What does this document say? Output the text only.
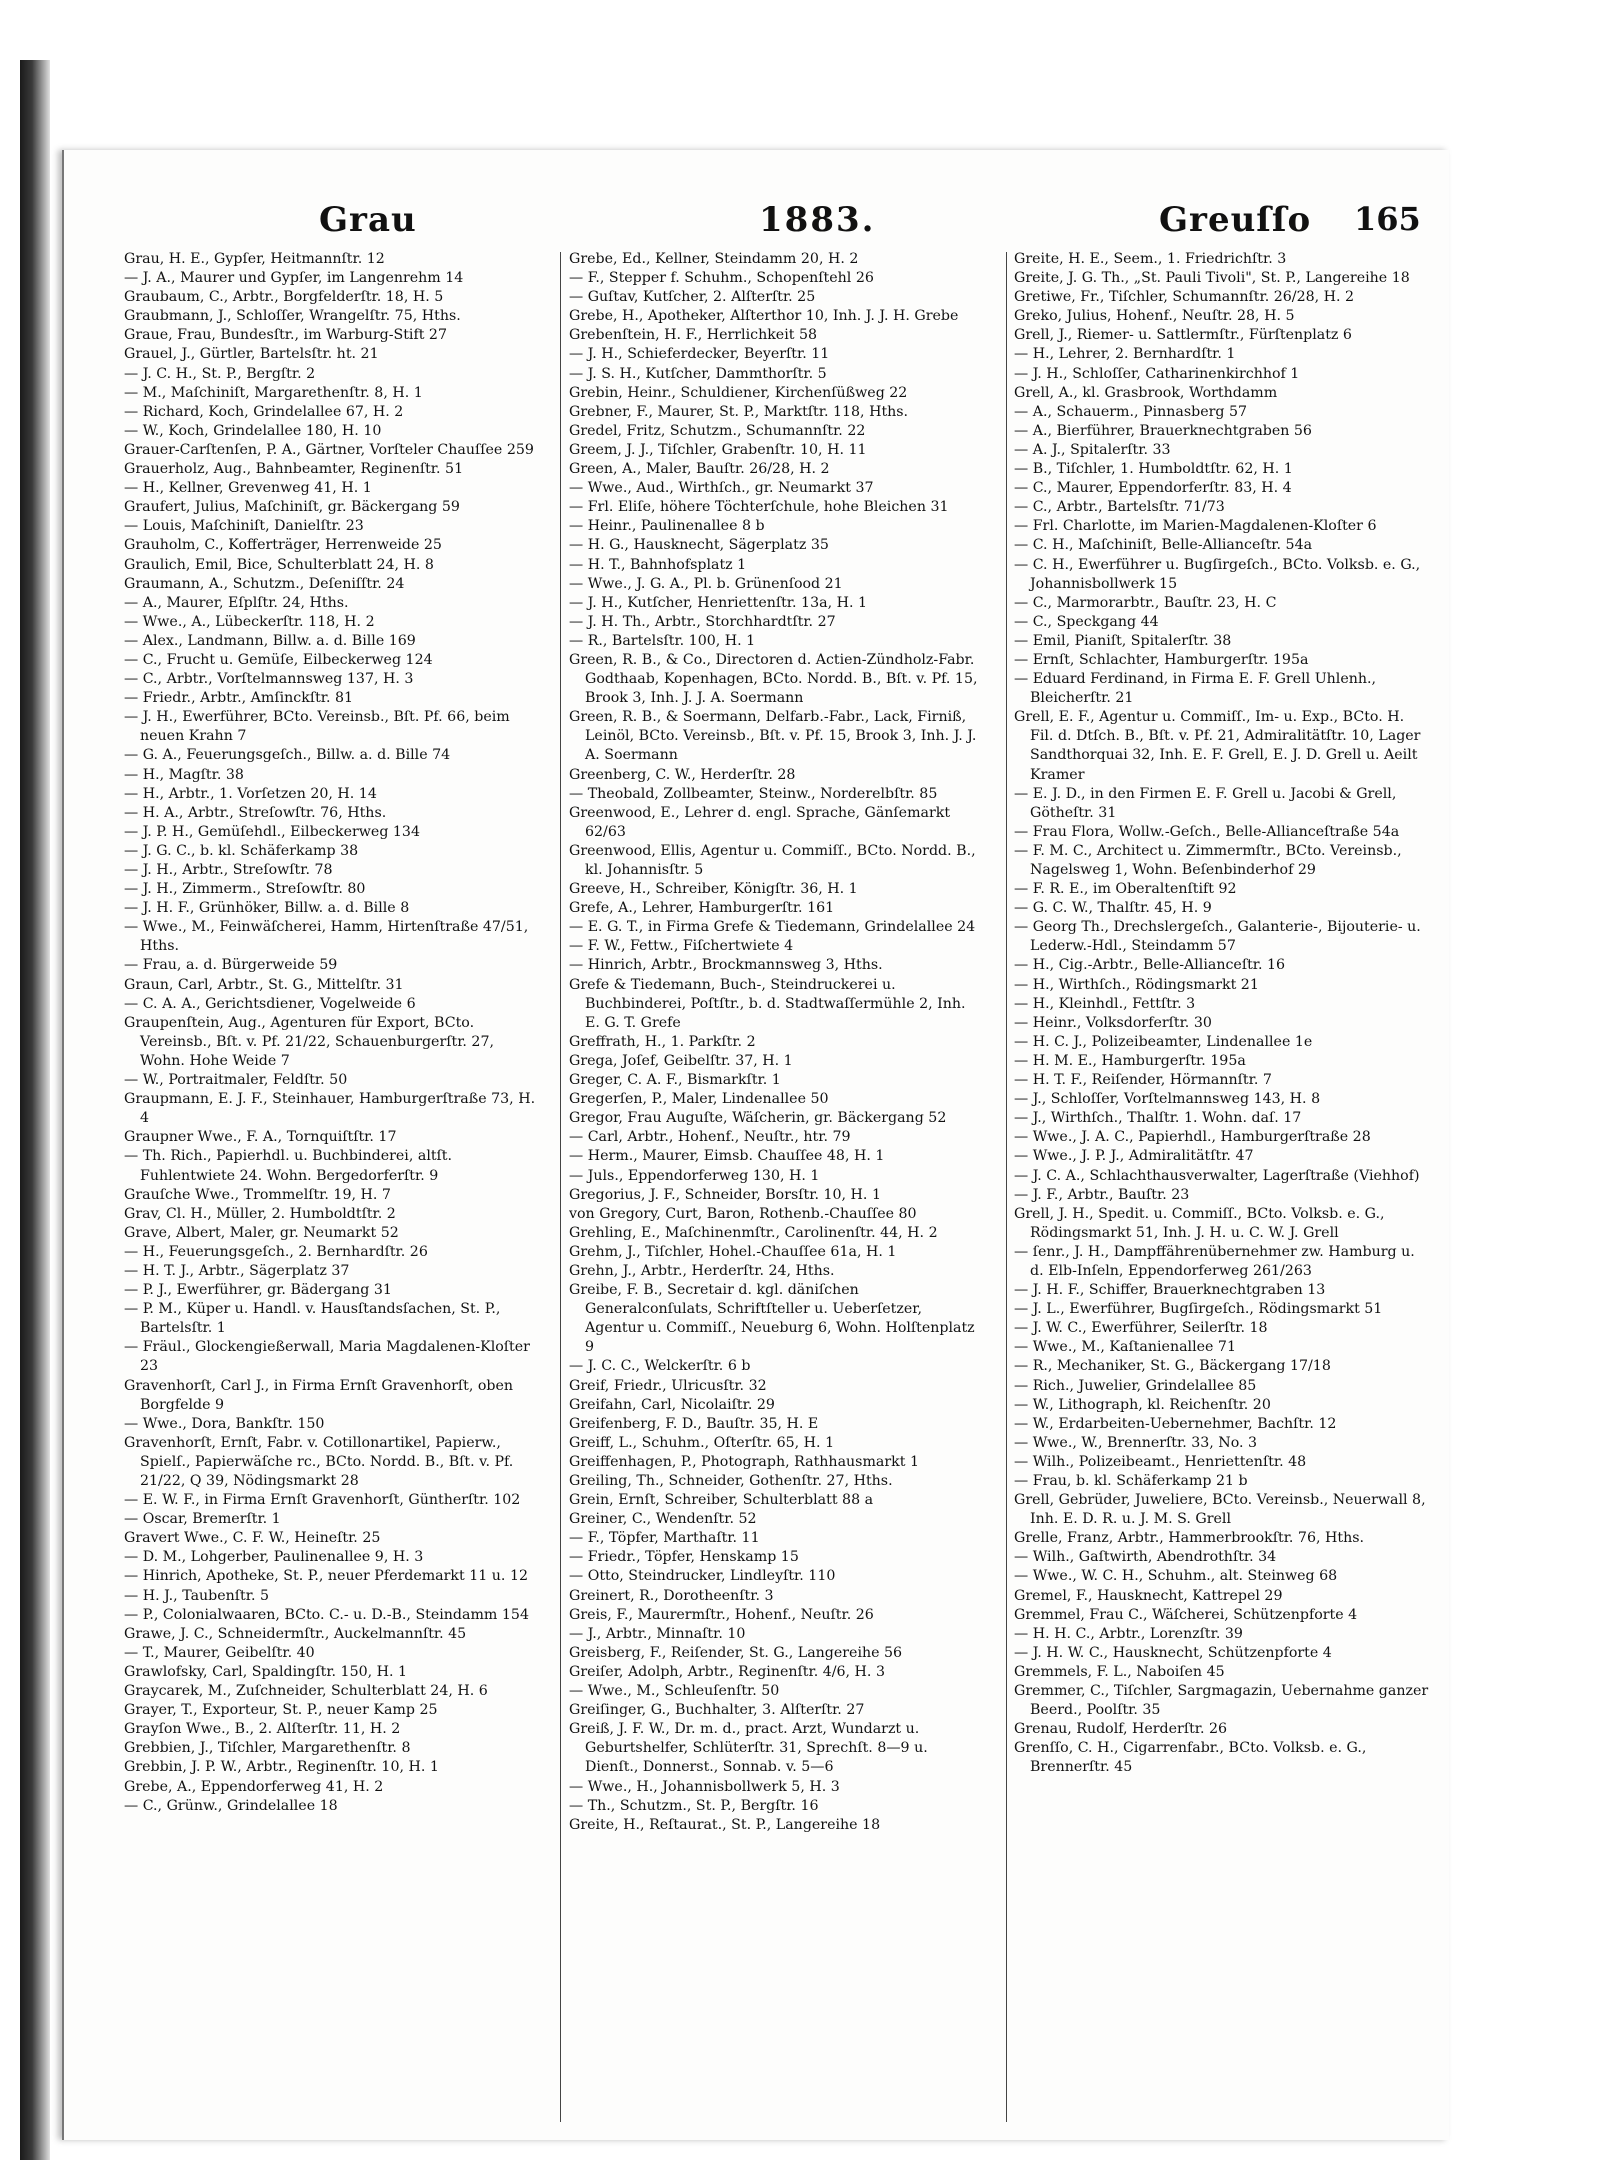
Grau	1883.	Greuſſo 165
Grau, H. E., Gypſer, Heitmannſtr. 12
— J. A., Maurer und Gypſer, im Langenrehm 14
Graubaum, C., Arbtr., Borgfelderſtr. 18, H. 5
Graubmann, J., Schloſſer, Wrangelſtr. 75, Hths.
Graue, Frau, Bundesſtr., im Warburg-Stift 27
Grauel, J., Gürtler, Bartelsſtr. ht. 21
— J. C. H., St. P., Bergſtr. 2
— M., Maſchiniſt, Margarethenſtr. 8, H. 1
— Richard, Koch, Grindelallee 67, H. 2
— W., Koch, Grindelallee 180, H. 10
Grauer-Carſtenſen, P. A., Gärtner, Vorſteler Chauſſee 259
Grauerholz, Aug., Bahnbeamter, Reginenſtr. 51
— H., Kellner, Grevenweg 41, H. 1
Graufert, Julius, Maſchiniſt, gr. Bäckergang 59
— Louis, Maſchiniſt, Danielſtr. 23
Grauholm, C., Kofferträger, Herrenweide 25
Graulich, Emil, Bice, Schulterblatt 24, H. 8
Graumann, A., Schutzm., Deſeniſſtr. 24
— A., Maurer, Eſplſtr. 24, Hths.
— Wwe., A., Lübeckerſtr. 118, H. 2
— Alex., Landmann, Billw. a. d. Bille 169
— C., Frucht u. Gemüſe, Eilbeckerweg 124
— C., Arbtr., Vorſtelmannsweg 137, H. 3
— Friedr., Arbtr., Amſinckſtr. 81
— J. H., Ewerführer, BCto. Vereinsb., Bſt. Pf. 66, beim neuen Krahn 7
— G. A., Feuerungsgeſch., Billw. a. d. Bille 74
— H., Magſtr. 38
— H., Arbtr., 1. Vorſetzen 20, H. 14
— H. A., Arbtr., Streſowſtr. 76, Hths.
— J. P. H., Gemüſehdl., Eilbeckerweg 134
— J. G. C., b. kl. Schäferkamp 38
— J. H., Arbtr., Streſowſtr. 78
— J. H., Zimmerm., Streſowſtr. 80
— J. H. F., Grünhöker, Billw. a. d. Bille 8
— Wwe., M., Feinwäſcherei, Hamm, Hirtenſtraße 47/51, Hths.
— Frau, a. d. Bürgerweide 59
Graun, Carl, Arbtr., St. G., Mittelſtr. 31
— C. A. A., Gerichtsdiener, Vogelweide 6
Graupenſtein, Aug., Agenturen für Export, BCto. Vereinsb., Bſt. v. Pf. 21/22, Schauenburgerſtr. 27, Wohn. Hohe Weide 7
— W., Portraitmaler, Feldſtr. 50
Graupmann, E. J. F., Steinhauer, Hamburgerſtraße 73, H. 4
Graupner Wwe., F. A., Tornquiſtſtr. 17
— Th. Rich., Papierhdl. u. Buchbinderei, altſt. Fuhlentwiete 24. Wohn. Bergedorferſtr. 9
Grauſche Wwe., Trommelſtr. 19, H. 7
Grav, Cl. H., Müller, 2. Humboldtſtr. 2
Grave, Albert, Maler, gr. Neumarkt 52
— H., Feuerungsgeſch., 2. Bernhardſtr. 26
— H. T. J., Arbtr., Sägerplatz 37
— P. J., Ewerführer, gr. Bädergang 31
— P. M., Küper u. Handl. v. Hausſtandsſachen, St. P., Bartelsſtr. 1
— Fräul., Glockengießerwall, Maria Magdalenen-Kloſter 23
Gravenhorſt, Carl J., in Firma Ernſt Gravenhorſt, oben Borgfelde 9
— Wwe., Dora, Bankſtr. 150
Gravenhorſt, Ernſt, Fabr. v. Cotillonartikel, Papierw., Spielſ., Papierwäſche rc., BCto. Nordd. B., Bſt. v. Pf. 21/22, Q 39, Nödingsmarkt 28
— E. W. F., in Firma Ernſt Gravenhorſt, Güntherſtr. 102
— Oscar, Bremerſtr. 1
Gravert Wwe., C. F. W., Heineſtr. 25
— D. M., Lohgerber, Paulinenallee 9, H. 3
— Hinrich, Apotheke, St. P., neuer Pferdemarkt 11 u. 12
— H. J., Taubenſtr. 5
— P., Colonialwaaren, BCto. C.- u. D.-B., Steindamm 154
Grawe, J. C., Schneidermſtr., Auckelmannſtr. 45
— T., Maurer, Geibelſtr. 40
Grawlofsky, Carl, Spaldingſtr. 150, H. 1
Graycarek, M., Zuſchneider, Schulterblatt 24, H. 6
Grayer, T., Exporteur, St. P., neuer Kamp 25
Grayſon Wwe., B., 2. Alſterſtr. 11, H. 2
Grebbien, J., Tiſchler, Margarethenſtr. 8
Grebbin, J. P. W., Arbtr., Reginenſtr. 10, H. 1
Grebe, A., Eppendorferweg 41, H. 2
— C., Grünw., Grindelallee 18
Grebe, Ed., Kellner, Steindamm 20, H. 2
— F., Stepper f. Schuhm., Schopenſtehl 26
— Guſtav, Kutſcher, 2. Alſterſtr. 25
Grebe, H., Apotheker, Alſterthor 10, Inh. J. J. H. Grebe
Grebenſtein, H. F., Herrlichkeit 58
— J. H., Schieferdecker, Beyerſtr. 11
— J. S. H., Kutſcher, Dammthorſtr. 5
Grebin, Heinr., Schuldiener, Kirchenſüßweg 22
Grebner, F., Maurer, St. P., Marktſtr. 118, Hths.
Gredel, Fritz, Schutzm., Schumannſtr. 22
Greem, J. J., Tiſchler, Grabenſtr. 10, H. 11
Green, A., Maler, Bauſtr. 26/28, H. 2
— Wwe., Aud., Wirthſch., gr. Neumarkt 37
— Frl. Eliſe, höhere Töchterſchule, hohe Bleichen 31
— Heinr., Paulinenallee 8 b
— H. G., Hausknecht, Sägerplatz 35
— H. T., Bahnhofsplatz 1
— Wwe., J. G. A., Pl. b. Grünenſood 21
— J. H., Kutſcher, Henriettenſtr. 13a, H. 1
— J. H. Th., Arbtr., Storchhardtſtr. 27
— R., Bartelsſtr. 100, H. 1
Green, R. B., & Co., Directoren d. Actien-Zündholz-Fabr. Godthaab, Kopenhagen, BCto. Nordd. B., Bſt. v. Pf. 15, Brook 3, Inh. J. J. A. Soermann
Green, R. B., & Soermann, Delfarb.-Fabr., Lack, Firniß, Leinöl, BCto. Vereinsb., Bſt. v. Pf. 15, Brook 3, Inh. J. J. A. Soermann
Greenberg, C. W., Herderſtr. 28
— Theobald, Zollbeamter, Steinw., Norderelbſtr. 85
Greenwood, E., Lehrer d. engl. Sprache, Gänſemarkt 62/63
Greenwood, Ellis, Agentur u. Commiſſ., BCto. Nordd. B., kl. Johannisſtr. 5
Greeve, H., Schreiber, Königſtr. 36, H. 1
Grefe, A., Lehrer, Hamburgerſtr. 161
— E. G. T., in Firma Grefe & Tiedemann, Grindelallee 24
— F. W., Fettw., Fiſchertwiete 4
— Hinrich, Arbtr., Brockmannsweg 3, Hths.
Grefe & Tiedemann, Buch-, Steindruckerei u. Buchbinderei, Poſtſtr., b. d. Stadtwaſſermühle 2, Inh. E. G. T. Grefe
Greffrath, H., 1. Parkſtr. 2
Grega, Joſef, Geibelſtr. 37, H. 1
Greger, C. A. F., Bismarkſtr. 1
Gregerſen, P., Maler, Lindenallee 50
Gregor, Frau Auguſte, Wäſcherin, gr. Bäckergang 52
— Carl, Arbtr., Hohenf., Neuſtr., htr. 79
— Herm., Maurer, Eimsb. Chauſſee 48, H. 1
— Juls., Eppendorferweg 130, H. 1
Gregorius, J. F., Schneider, Borsſtr. 10, H. 1
von Gregory, Curt, Baron, Rothenb.-Chauſſee 80
Grehling, E., Maſchinenmſtr., Carolinenſtr. 44, H. 2
Grehm, J., Tiſchler, Hohel.-Chauſſee 61a, H. 1
Grehn, J., Arbtr., Herderſtr. 24, Hths.
Greibe, F. B., Secretair d. kgl. däniſchen Generalconſulats, Schriftſteller u. Ueberſetzer, Agentur u. Commiſſ., Neueburg 6, Wohn. Holſtenplatz 9
— J. C. C., Welckerſtr. 6 b
Greif, Friedr., Ulricusſtr. 32
Greifahn, Carl, Nicolaiſtr. 29
Greifenberg, F. D., Bauſtr. 35, H. E
Greiff, L., Schuhm., Oſterſtr. 65, H. 1
Greiffenhagen, P., Photograph, Rathhausmarkt 1
Greiling, Th., Schneider, Gothenſtr. 27, Hths.
Grein, Ernſt, Schreiber, Schulterblatt 88 a
Greiner, C., Wendenſtr. 52
— F., Töpfer, Marthaſtr. 11
— Friedr., Töpfer, Henskamp 15
— Otto, Steindrucker, Lindleyſtr. 110
Greinert, R., Dorotheenſtr. 3
Greis, F., Maurermſtr., Hohenf., Neuſtr. 26
— J., Arbtr., Minnaſtr. 10
Greisberg, F., Reiſender, St. G., Langereihe 56
Greiſer, Adolph, Arbtr., Reginenſtr. 4/6, H. 3
— Wwe., M., Schleuſenſtr. 50
Greiſinger, G., Buchhalter, 3. Alſterſtr. 27
Greiß, J. F. W., Dr. m. d., pract. Arzt, Wundarzt u. Geburtshelfer, Schlüterſtr. 31, Sprechſt. 8—9 u. Dienſt., Donnerst., Sonnab. v. 5—6
— Wwe., H., Johannisbollwerk 5, H. 3
— Th., Schutzm., St. P., Bergſtr. 16
Greite, H., Reſtaurat., St. P., Langereihe 18
Greite, H. E., Seem., 1. Friedrichſtr. 3
Greite, J. G. Th., „St. Pauli Tivoli", St. P., Langereihe 18
Gretiwe, Fr., Tiſchler, Schumannſtr. 26/28, H. 2
Greko, Julius, Hohenf., Neuſtr. 28, H. 5
Grell, J., Riemer- u. Sattlermſtr., Fürſtenplatz 6
— H., Lehrer, 2. Bernhardſtr. 1
— J. H., Schloſſer, Catharinenkirchhof 1
Grell, A., kl. Grasbrook, Worthdamm
— A., Schauerm., Pinnasberg 57
— A., Bierführer, Brauerknechtgraben 56
— A. J., Spitalerſtr. 33
— B., Tiſchler, 1. Humboldtſtr. 62, H. 1
— C., Maurer, Eppendorferſtr. 83, H. 4
— C., Arbtr., Bartelsſtr. 71/73
— Frl. Charlotte, im Marien-Magdalenen-Kloſter 6
— C. H., Maſchiniſt, Belle-Allianceſtr. 54a
— C. H., Ewerführer u. Bugſirgeſch., BCto. Volksb. e. G., Johannisbollwerk 15
— C., Marmorarbtr., Bauſtr. 23, H. C
— C., Speckgang 44
— Emil, Pianiſt, Spitalerſtr. 38
— Ernſt, Schlachter, Hamburgerſtr. 195a
— Eduard Ferdinand, in Firma E. F. Grell Uhlenh., Bleicherſtr. 21
Grell, E. F., Agentur u. Commiſſ., Im- u. Exp., BCto. H. Fil. d. Dtſch. B., Bſt. v. Pf. 21, Admiralitätſtr. 10, Lager Sandthorquai 32, Inh. E. F. Grell, E. J. D. Grell u. Aeilt Kramer
— E. J. D., in den Firmen E. F. Grell u. Jacobi & Grell, Götheſtr. 31
— Frau Flora, Wollw.-Geſch., Belle-Allianceſtraße 54a
— F. M. C., Architect u. Zimmermſtr., BCto. Vereinsb., Nagelsweg 1, Wohn. Beſenbinderhof 29
— F. R. E., im Oberaltenſtift 92
— G. C. W., Thalſtr. 45, H. 9
— Georg Th., Drechslergeſch., Galanterie-, Bijouterie- u. Lederw.-Hdl., Steindamm 57
— H., Cig.-Arbtr., Belle-Allianceſtr. 16
— H., Wirthſch., Rödingsmarkt 21
— H., Kleinhdl., Fettſtr. 3
— Heinr., Volksdorferſtr. 30
— H. C. J., Polizeibeamter, Lindenallee 1e
— H. M. E., Hamburgerſtr. 195a
— H. T. F., Reiſender, Hörmannſtr. 7
— J., Schloſſer, Vorſtelmannsweg 143, H. 8
— J., Wirthſch., Thalſtr. 1. Wohn. daſ. 17
— Wwe., J. A. C., Papierhdl., Hamburgerſtraße 28
— Wwe., J. P. J., Admiralitätſtr. 47
— J. C. A., Schlachthausverwalter, Lagerſtraße (Viehhof)
— J. F., Arbtr., Bauſtr. 23
Grell, J. H., Spedit. u. Commiſſ., BCto. Volksb. e. G., Rödingsmarkt 51, Inh. J. H. u. C. W. J. Grell
— ſenr., J. H., Dampffährenübernehmer zw. Hamburg u. d. Elb-Inſeln, Eppendorferweg 261/263
— J. H. F., Schiffer, Brauerknechtgraben 13
— J. L., Ewerführer, Bugſirgeſch., Rödingsmarkt 51
— J. W. C., Ewerführer, Seilerſtr. 18
— Wwe., M., Kaſtanienallee 71
— R., Mechaniker, St. G., Bäckergang 17/18
— Rich., Juwelier, Grindelallee 85
— W., Lithograph, kl. Reichenſtr. 20
— W., Erdarbeiten-Uebernehmer, Bachſtr. 12
— Wwe., W., Brennerſtr. 33, No. 3
— Wilh., Polizeibeamt., Henriettenſtr. 48
— Frau, b. kl. Schäferkamp 21 b
Grell, Gebrüder, Juweliere, BCto. Vereinsb., Neuerwall 8, Inh. E. D. R. u. J. M. S. Grell
Grelle, Franz, Arbtr., Hammerbrookſtr. 76, Hths.
— Wilh., Gaſtwirth, Abendrothſtr. 34
— Wwe., W. C. H., Schuhm., alt. Steinweg 68
Gremel, F., Hausknecht, Kattrepel 29
Gremmel, Frau C., Wäſcherei, Schützenpforte 4
— H. H. C., Arbtr., Lorenzſtr. 39
— J. H. W. C., Hausknecht, Schützenpforte 4
Gremmels, F. L., Naboiſen 45
Gremmer, C., Tiſchler, Sargmagazin, Uebernahme ganzer Beerd., Poolſtr. 35
Grenau, Rudolf, Herderſtr. 26
Grenſſo, C. H., Cigarrenfabr., BCto. Volksb. e. G., Brennerſtr. 45
